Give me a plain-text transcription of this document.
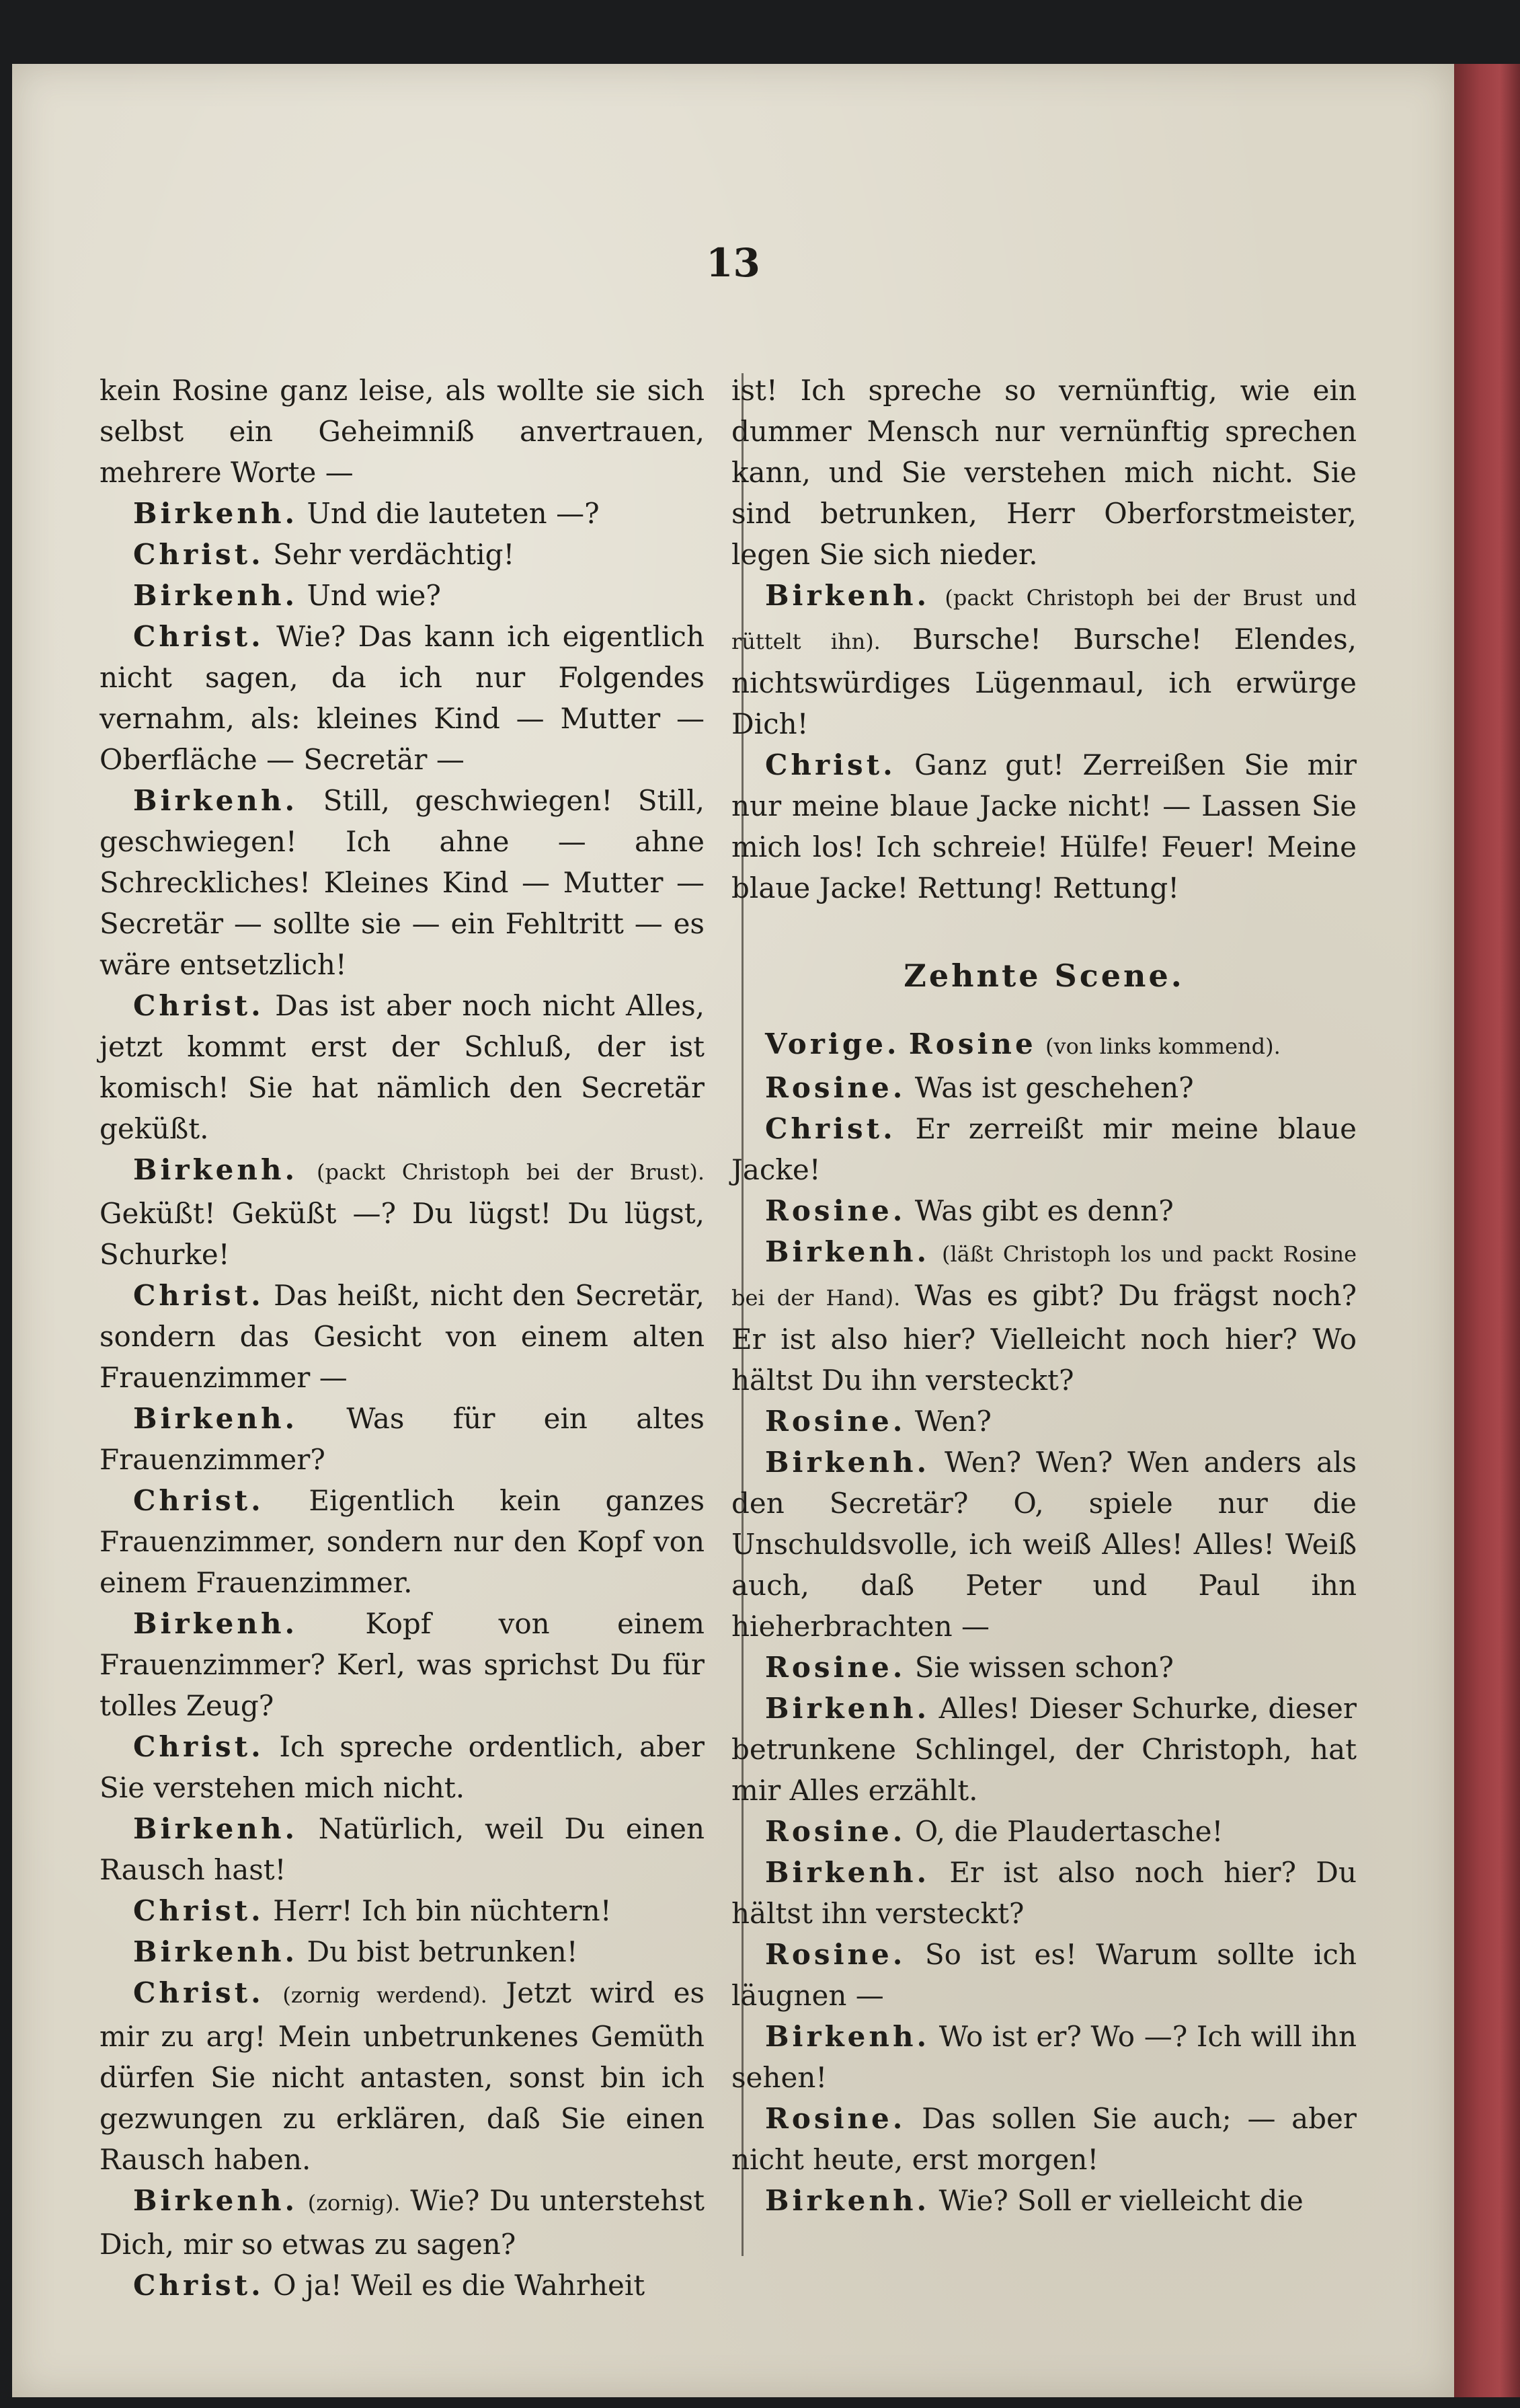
13

kein Rosine ganz leise, als wollte sie sich selbst ein Geheimniß anvertrauen, mehrere Worte —

Birkenh. Und die lauteten —?

Christ. Sehr verdächtig!

Birkenh. Und wie?

Christ. Wie? Das kann ich eigentlich nicht sagen, da ich nur Folgendes vernahm, als: kleines Kind — Mutter — Oberfläche — Secretär —

Birkenh. Still, geschwiegen! Still, geschwiegen! Ich ahne — ahne Schreckliches! Kleines Kind — Mutter — Secretär — sollte sie — ein Fehltritt — es wäre entsetzlich!

Christ. Das ist aber noch nicht Alles, jetzt kommt erst der Schluß, der ist komisch! Sie hat nämlich den Secretär geküßt.

Birkenh. (packt Christoph bei der Brust). Geküßt! Geküßt —? Du lügst! Du lügst, Schurke!

Christ. Das heißt, nicht den Secretär, sondern das Gesicht von einem alten Frauenzimmer —

Birkenh. Was für ein altes Frauenzimmer?

Christ. Eigentlich kein ganzes Frauenzimmer, sondern nur den Kopf von einem Frauenzimmer.

Birkenh. Kopf von einem Frauenzimmer? Kerl, was sprichst Du für tolles Zeug?

Christ. Ich spreche ordentlich, aber Sie verstehen mich nicht.

Birkenh. Natürlich, weil Du einen Rausch hast!

Christ. Herr! Ich bin nüchtern!

Birkenh. Du bist betrunken!

Christ. (zornig werdend). Jetzt wird es mir zu arg! Mein unbetrunkenes Gemüth dürfen Sie nicht antasten, sonst bin ich gezwungen zu erklären, daß Sie einen Rausch haben.

Birkenh. (zornig). Wie? Du unterstehst Dich, mir so etwas zu sagen?

Christ. O ja! Weil es die Wahrheit

ist! Ich spreche so vernünftig, wie ein dummer Mensch nur vernünftig sprechen kann, und Sie verstehen mich nicht. Sie sind betrunken, Herr Oberforstmeister, legen Sie sich nieder.

Birkenh. (packt Christoph bei der Brust und rüttelt ihn). Bursche! Bursche! Elendes, nichtswürdiges Lügenmaul, ich erwürge Dich!

Christ. Ganz gut! Zerreißen Sie mir nur meine blaue Jacke nicht! — Lassen Sie mich los! Ich schreie! Hülfe! Feuer! Meine blaue Jacke! Rettung! Rettung!

Zehnte Scene.

Vorige. Rosine (von links kommend).

Rosine. Was ist geschehen?

Christ. Er zerreißt mir meine blaue Jacke!

Rosine. Was gibt es denn?

Birkenh. (läßt Christoph los und packt Rosine bei der Hand). Was es gibt? Du frägst noch? Er ist also hier? Vielleicht noch hier? Wo hältst Du ihn versteckt?

Rosine. Wen?

Birkenh. Wen? Wen? Wen anders als den Secretär? O, spiele nur die Unschuldsvolle, ich weiß Alles! Alles! Weiß auch, daß Peter und Paul ihn hieherbrachten —

Rosine. Sie wissen schon?

Birkenh. Alles! Dieser Schurke, dieser betrunkene Schlingel, der Christoph, hat mir Alles erzählt.

Rosine. O, die Plaudertasche!

Birkenh. Er ist also noch hier? Du hältst ihn versteckt?

Rosine. So ist es! Warum sollte ich läugnen —

Birkenh. Wo ist er? Wo —? Ich will ihn sehen!

Rosine. Das sollen Sie auch; — aber nicht heute, erst morgen!

Birkenh. Wie? Soll er vielleicht die
